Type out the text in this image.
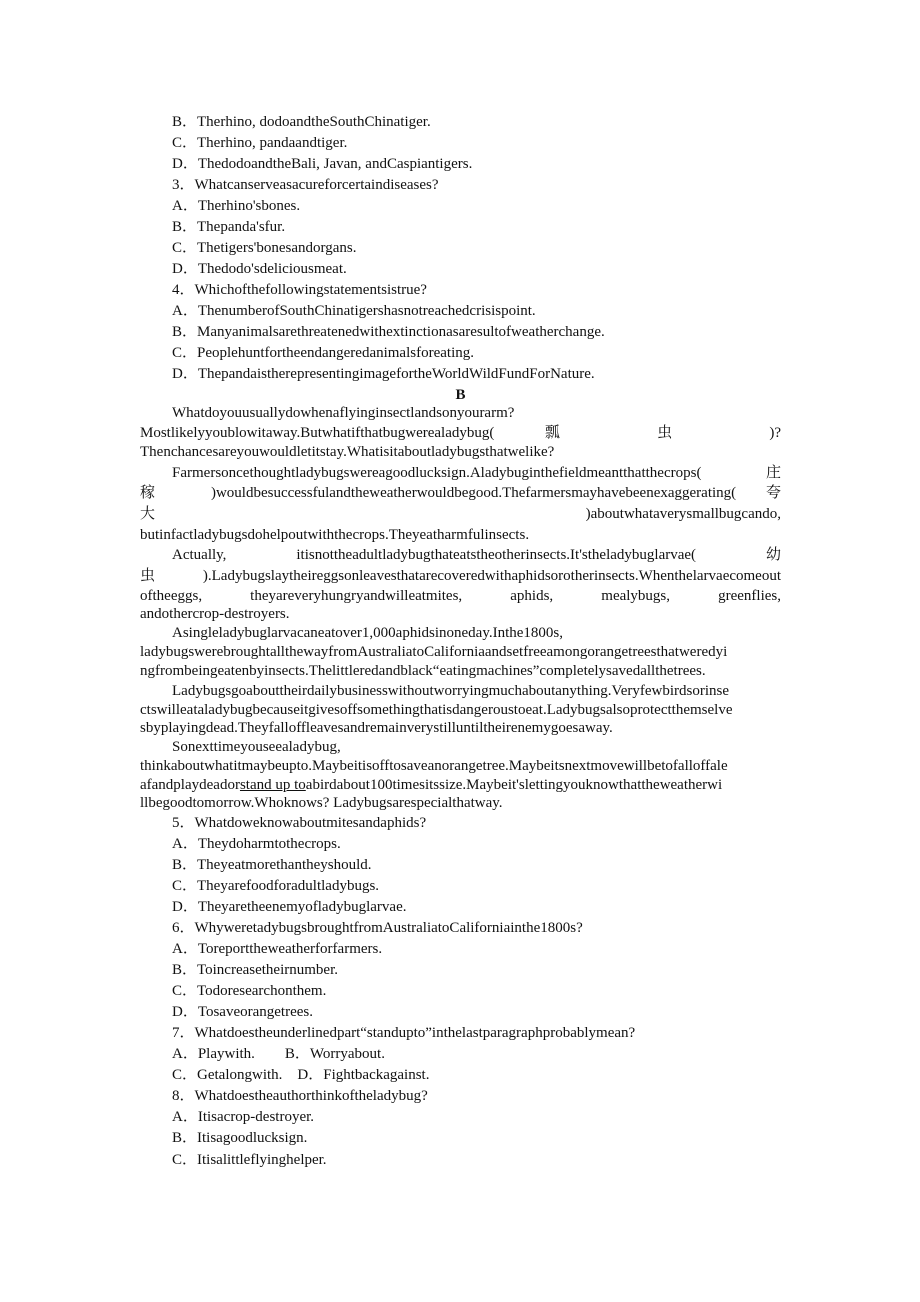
B．Therhino, dodoandtheSouthChinatiger.
C．Therhino, pandaandtiger.
D．ThedodoandtheBali, Javan, andCaspiantigers.
3．Whatcanserveasacureforcertaindiseases?
A．Therhino'sbones.
B．Thepanda'sfur.
C．Thetigers'bonesandorgans.
D．Thedodo'sdeliciousmeat.
4．Whichofthefollowingstatementsistrue?
A．ThenumberofSouthChinatigershasnotreachedcrisispoint.
B．Manyanimalsarethreatenedwithextinctionasaresultofweatherchange.
C．Peoplehuntfortheendangeredanimalsforeating.
D．ThepandaistherepresentingimagefortheWorldWildFundForNature.
B
Whatdoyouusuallydowhenaflyinginsectlandsonyourarm?
Mostlikelyyoublowitaway.Butwhatifthatbugwerealadybug( 瓢 虫 )?
Thenchancesareyouwouldletitstay.Whatisitaboutladybugsthatwelike?
Farmersoncethoughtladybugswereagoodlucksign.Aladybuginthefieldmeantthatthecrops( 庄
稼 )wouldbesuccessfulandtheweatherwouldbegood.Thefarmersmayhavebeenexaggerating( 夸
大 )aboutwhataverysmallbugcando,
butinfactladybugsdohelpoutwiththecrops.Theyeatharmfulinsects.
Actually, itisnottheadultladybugthateatstheotherinsects.It'stheladybuglarvae( 幼
虫).Ladybugslaytheireggsonleavesthatarecoveredwithaphidsorotherinsects.Whenthelarvaecomeout
oftheeggs, theyareveryhungryandwilleatmites, aphids, mealybugs, greenflies,
andothercrop-destroyers.
Asingleladybuglarvacaneatover1,000aphidsinoneday.Inthe1800s,
ladybugswerebroughtallthewayfromAustraliatoCaliforniaandsetfreeamongorangetreesthatweredyi
ngfrombeingeatenbyinsects.Thelittleredandblack“eatingmachines”completelysavedallthetrees.
Ladybugsgoabouttheirdailybusinesswithoutworryingmuchaboutanything.Veryfewbirdsorinse
ctswilleataladybugbecauseitgivesoffsomethingthatisdangeroustoeat.Ladybugsalsoprotectthemselve
sbyplayingdead.Theyfalloffleavesandremainverystilluntiltheirenemygoesaway.
Sonexttimeyouseealadybug,
thinkaboutwhatitmaybeupto.Maybeitisofftosaveanorangetree.Maybeitsnextmovewillbetofalloffale
afandplaydeadorstand up toabirdabout100timesitssize.Maybeit'slettingyouknowthattheweatherwi
llbegoodtomorrow.Whoknows? Ladybugsarespecialthatway.
5．Whatdoweknowaboutmitesandaphids?
A．Theydoharmtothecrops.
B．Theyeatmorethantheyshould.
C．Theyarefoodforadultladybugs.
D．Theyaretheenemyofladybuglarvae.
6．WhyweretadybugsbroughtfromAustraliatoCaliforniainthe1800s?
A．Toreporttheweatherforfarmers.
B．Toincreasetheirnumber.
C．Todoresearchonthem.
D．Tosaveorangetrees.
7．Whatdoestheunderlinedpart“standupto”inthelastparagraphprobablymean?
A．Playwith.　　B．Worryabout.
C．Getalongwith.　D．Fightbackagainst.
8．Whatdoestheauthorthinkoftheladybug?
A．Itisacrop-destroyer.
B．Itisagoodlucksign.
C．Itisalittleflyinghelper.
